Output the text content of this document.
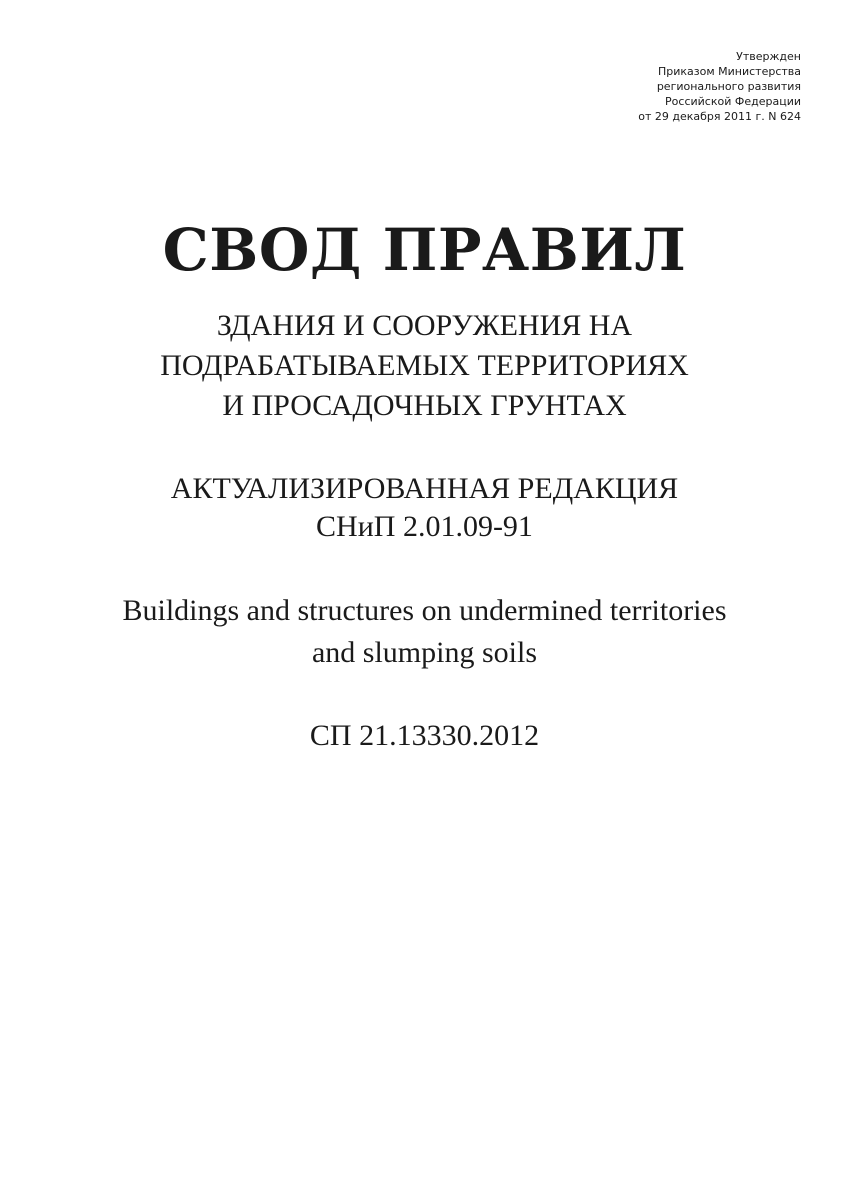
Утвержден
Приказом Министерства
регионального развития
Российской Федерации
от 29 декабря 2011 г. N 624
СВОД ПРАВИЛ
ЗДАНИЯ И СООРУЖЕНИЯ НА
ПОДРАБАТЫВАЕМЫХ ТЕРРИТОРИЯХ
И ПРОСАДОЧНЫХ ГРУНТАХ
АКТУАЛИЗИРОВАННАЯ РЕДАКЦИЯ
СНиП 2.01.09-91
Buildings and structures on undermined territories
and slumping soils
СП 21.13330.2012
